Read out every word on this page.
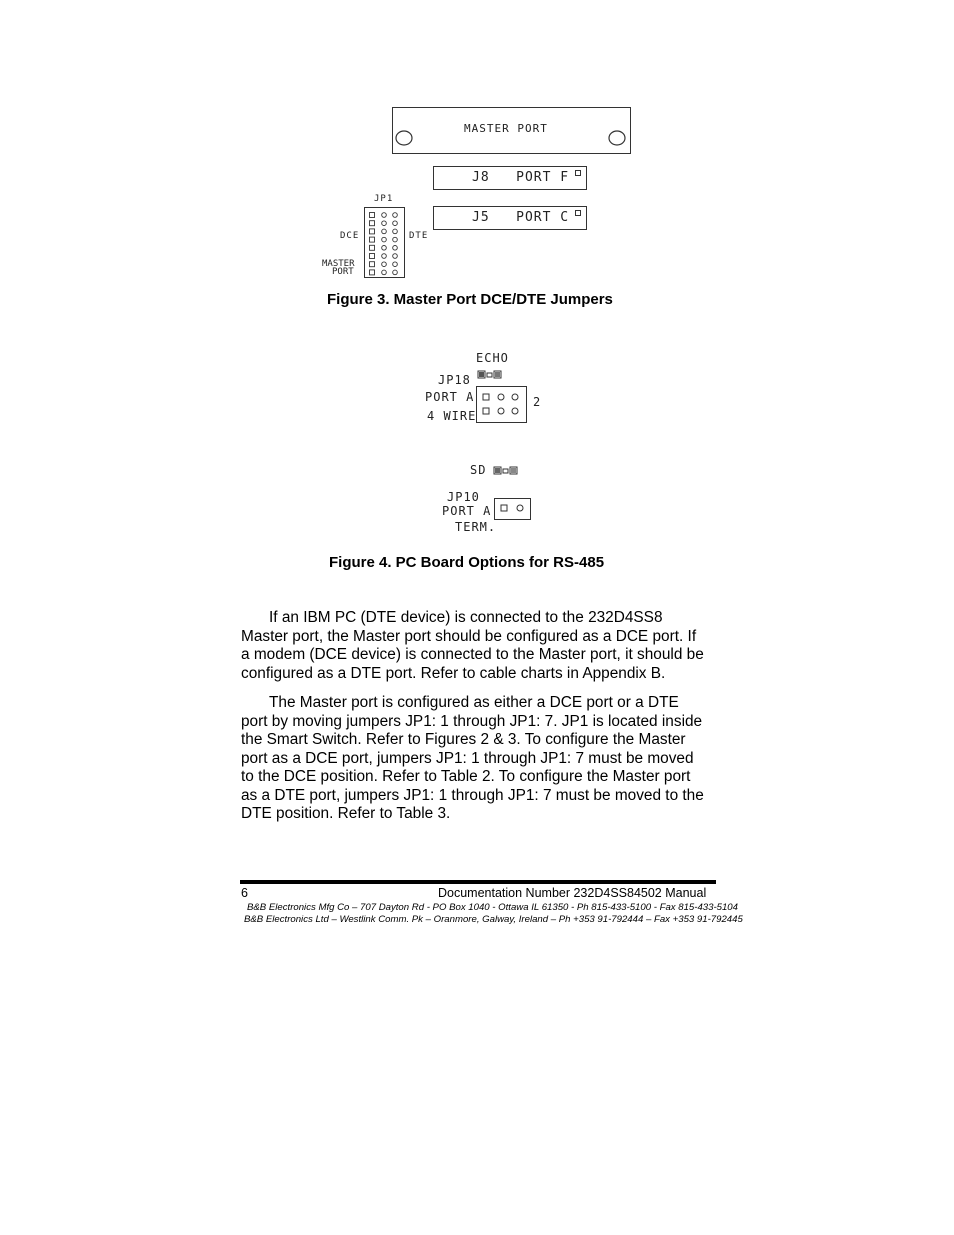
MASTER PORT
J8   PORT F
J5   PORT C
JP1
DCE	DTE
MASTER
PORT
Figure 3. Master Port DCE/DTE Jumpers
ECHO
JP18
PORT A
4 WIRE
2
SD
JP10
PORT A
TERM.
Figure 4. PC Board Options for RS-485
If an IBM PC (DTE device) is connected to the 232D4SS8
Master port, the Master port should be configured as a DCE port. If
a modem (DCE device) is connected to the Master port, it should be
configured as a DTE port. Refer to cable charts in Appendix B.
The Master port is configured as either a DCE port or a DTE
port by moving jumpers JP1: 1 through JP1: 7. JP1 is located inside
the Smart Switch. Refer to Figures 2 & 3. To configure the Master
port as a DCE port, jumpers JP1: 1 through JP1: 7 must be moved
to the DCE position. Refer to Table 2. To configure the Master port
as a DTE port, jumpers JP1: 1 through JP1: 7 must be moved to the
DTE position. Refer to Table 3.
6	Documentation Number 232D4SS84502 Manual
B&B Electronics Mfg Co – 707 Dayton Rd - PO Box 1040 - Ottawa IL 61350 - Ph 815-433-5100 - Fax 815-433-5104
B&B Electronics Ltd – Westlink Comm. Pk – Oranmore, Galway, Ireland – Ph +353 91-792444 – Fax +353 91-792445
